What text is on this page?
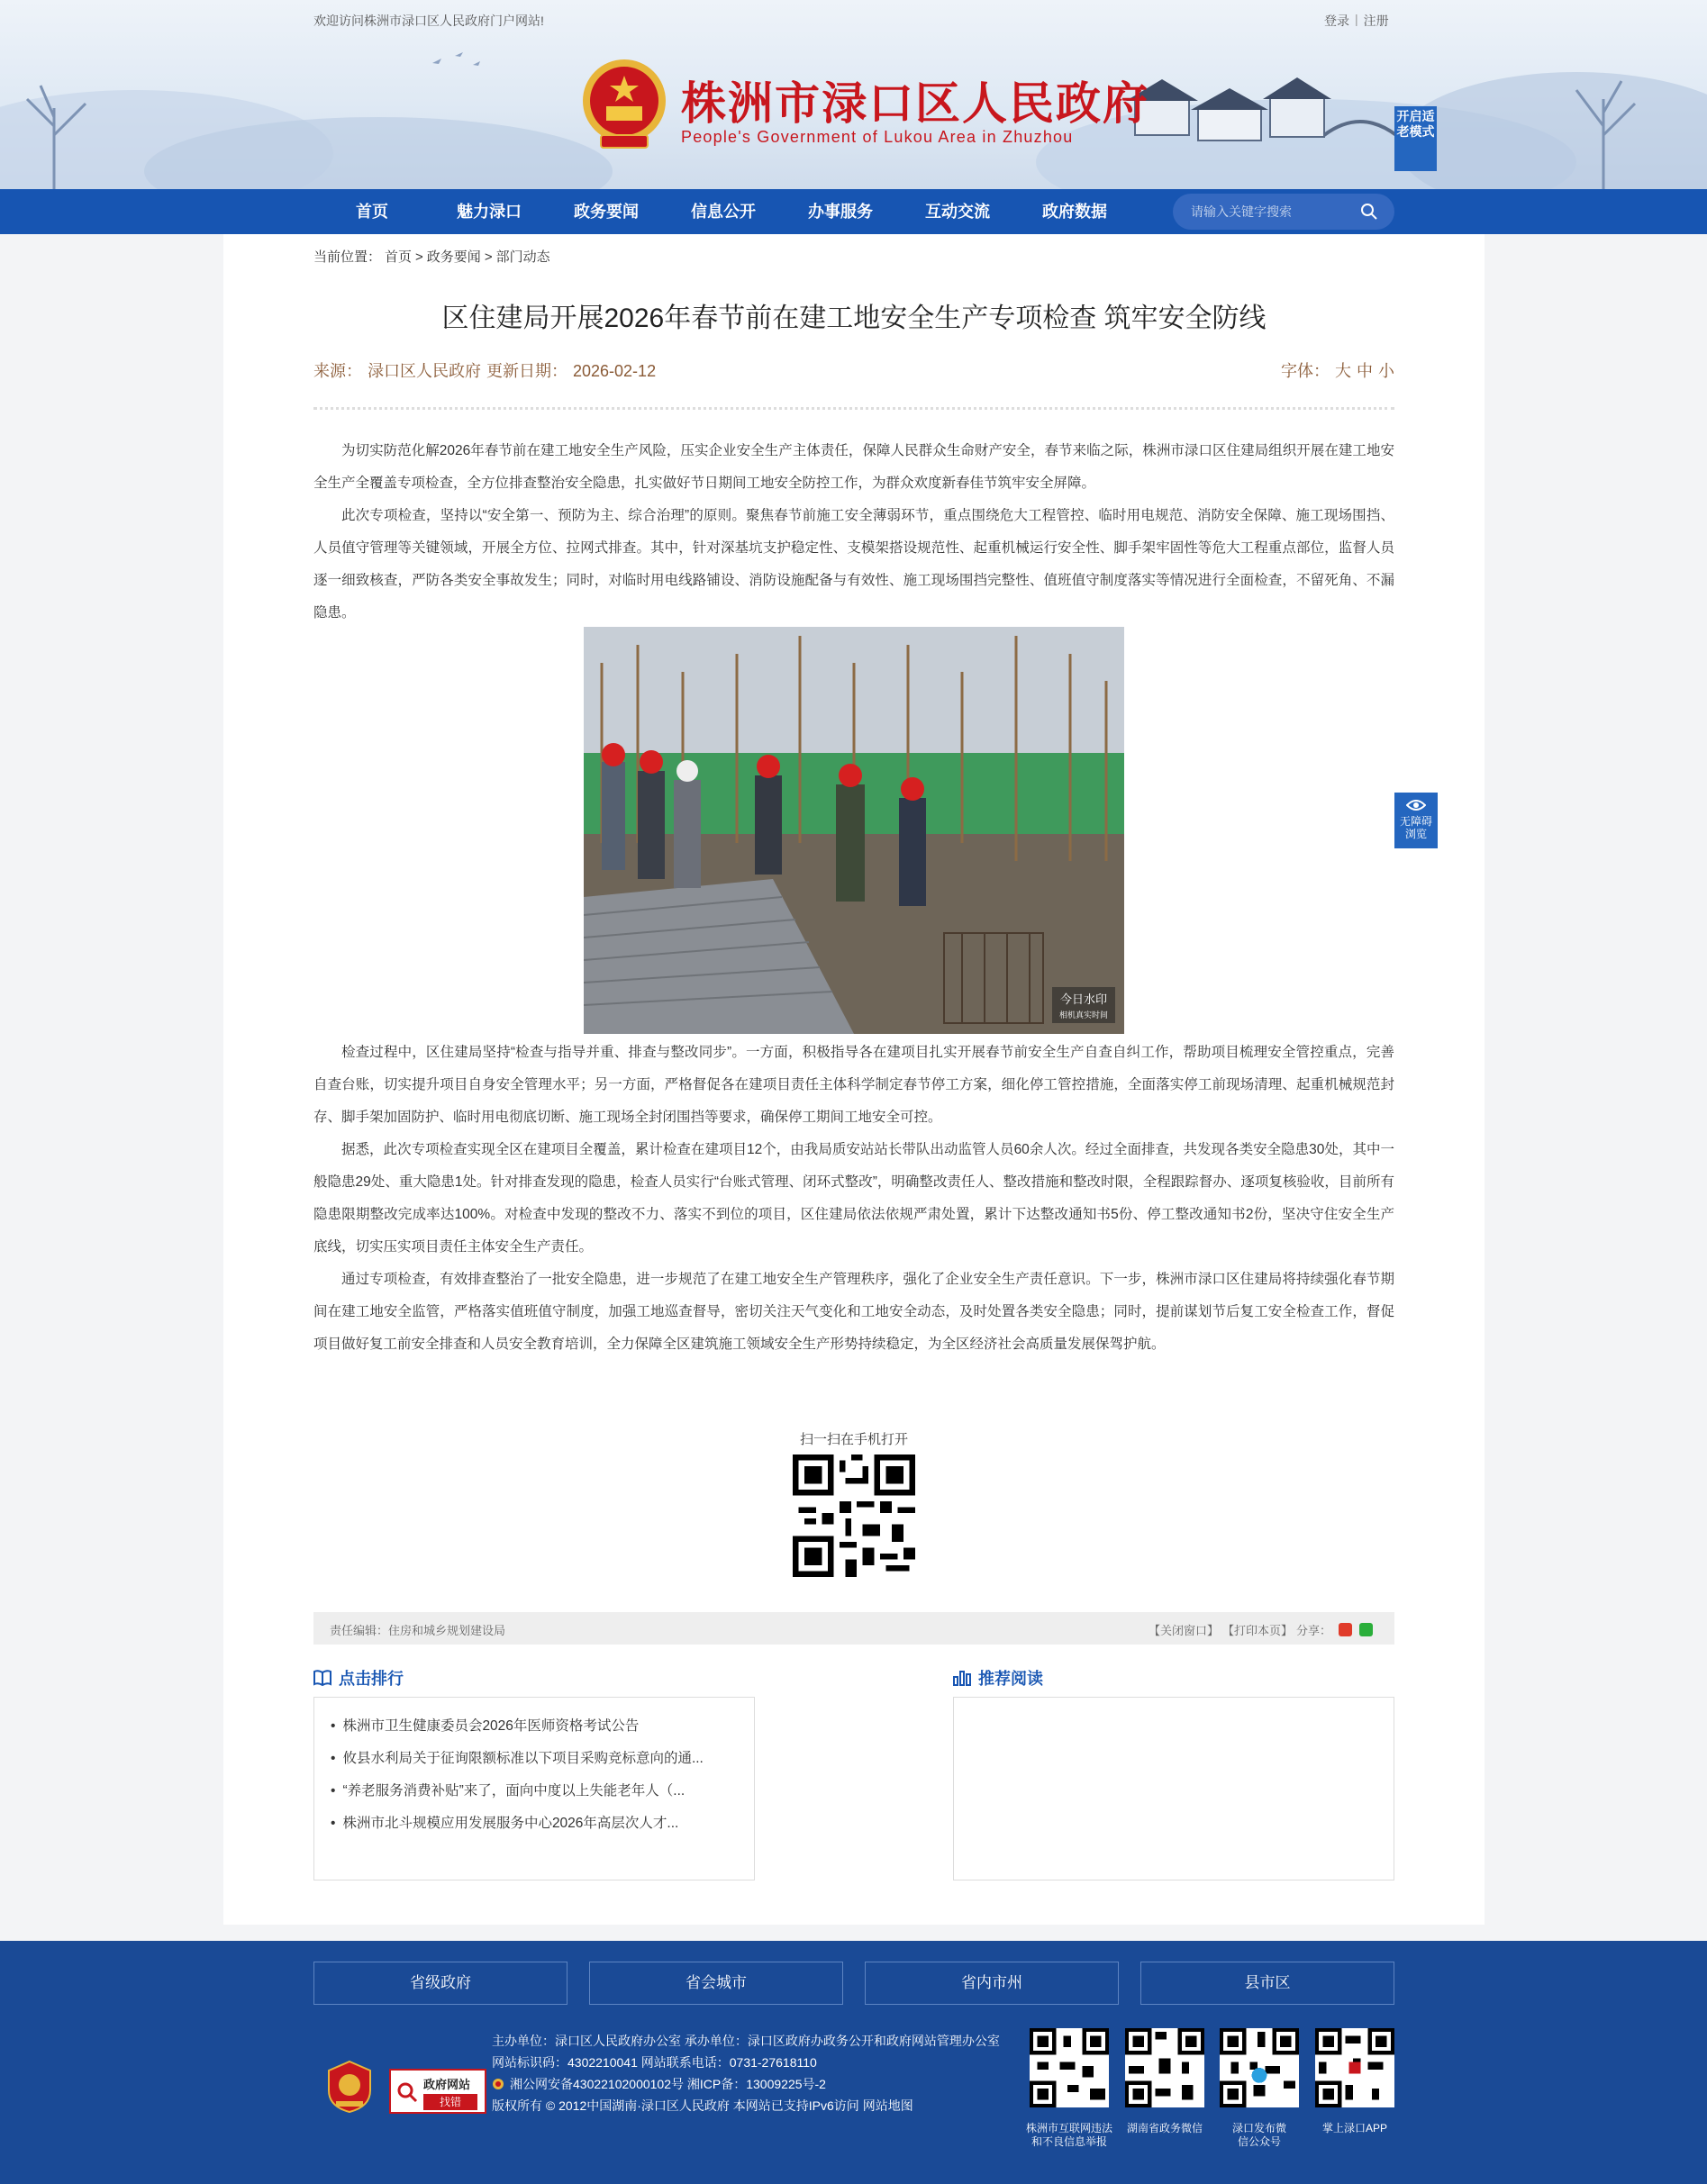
欢迎访问株洲市渌口区人民政府门户网站!	登录 | 注册
株洲市渌口区人民政府
People's Government of Lukou Area in Zhuzhou
开启适老模式
首页	魅力渌口	政务要闻	信息公开	办事服务	互动交流	政府数据
请输入关键字搜索
当前位置： 首页 > 政务要闻 > 部门动态
区住建局开展2026年春节前在建工地安全生产专项检查 筑牢安全防线
来源： 渌口区人民政府 更新日期： 2026-02-12	字体： 大 中 小

为切实防范化解2026年春节前在建工地安全生产风险，压实企业安全生产主体责任，保障人民群众生命财产安全，春节来临之际，株洲市渌口区住建局组织开展在建工地安全生产全覆盖专项检查，全方位排查整治安全隐患，扎实做好节日期间工地安全防控工作，为群众欢度新春佳节筑牢安全屏障。

此次专项检查，坚持以“安全第一、预防为主、综合治理”的原则。聚焦春节前施工安全薄弱环节，重点围绕危大工程管控、临时用电规范、消防安全保障、施工现场围挡、人员值守管理等关键领域，开展全方位、拉网式排查。其中，针对深基坑支护稳定性、支模架搭设规范性、起重机械运行安全性、脚手架牢固性等危大工程重点部位，监督人员逐一细致核查，严防各类安全事故发生；同时，对临时用电线路铺设、消防设施配备与有效性、施工现场围挡完整性、值班值守制度落实等情况进行全面检查，不留死角、不漏隐患。

今日水印
相机真实时间

检查过程中，区住建局坚持“检查与指导并重、排查与整改同步”。一方面，积极指导各在建项目扎实开展春节前安全生产自查自纠工作，帮助项目梳理安全管控重点，完善自查台账，切实提升项目自身安全管理水平；另一方面，严格督促各在建项目责任主体科学制定春节停工方案，细化停工管控措施，全面落实停工前现场清理、起重机械规范封存、脚手架加固防护、临时用电彻底切断、施工现场全封闭围挡等要求，确保停工期间工地安全可控。

据悉，此次专项检查实现全区在建项目全覆盖，累计检查在建项目12个，由我局质安站站长带队出动监管人员60余人次。经过全面排查，共发现各类安全隐患30处，其中一般隐患29处、重大隐患1处。针对排查发现的隐患，检查人员实行“台账式管理、闭环式整改”，明确整改责任人、整改措施和整改时限，全程跟踪督办、逐项复核验收，目前所有隐患限期整改完成率达100%。对检查中发现的整改不力、落实不到位的项目，区住建局依法依规严肃处置，累计下达整改通知书5份、停工整改通知书2份，坚决守住安全生产底线，切实压实项目责任主体安全生产责任。

通过专项检查，有效排查整治了一批安全隐患，进一步规范了在建工地安全生产管理秩序，强化了企业安全生产责任意识。下一步，株洲市渌口区住建局将持续强化春节期间在建工地安全监管，严格落实值班值守制度，加强工地巡查督导，密切关注天气变化和工地安全动态，及时处置各类安全隐患；同时，提前谋划节后复工安全检查工作，督促项目做好复工前安全排查和人员安全教育培训，全力保障全区建筑施工领域安全生产形势持续稳定，为全区经济社会高质量发展保驾护航。

扫一扫在手机打开
责任编辑：住房和城乡规划建设局	【关闭窗口】 【打印本页】 分享：
点击排行
• 株洲市卫生健康委员会2026年医师资格考试公告
• 攸县水利局关于征询限额标准以下项目采购竞标意向的通...
• “养老服务消费补贴”来了，面向中度以上失能老年人（...
• 株洲市北斗规模应用发展服务中心2026年高层次人才...
推荐阅读
无障碍浏览
省级政府	省会城市	省内市州	县市区
政府网站
找错
主办单位：渌口区人民政府办公室 承办单位：渌口区政府办政务公开和政府网站管理办公室
网站标识码：4302210041 网站联系电话：0731-27618110
湘公网安备43022102000102号 湘ICP备：13009225号-2
版权所有 © 2012中国湖南·渌口区人民政府 本网站已支持IPv6访问 网站地图
株洲市互联网违法和不良信息举报
湖南省政务微信	渌口发布微信公众号
掌上渌口APP
